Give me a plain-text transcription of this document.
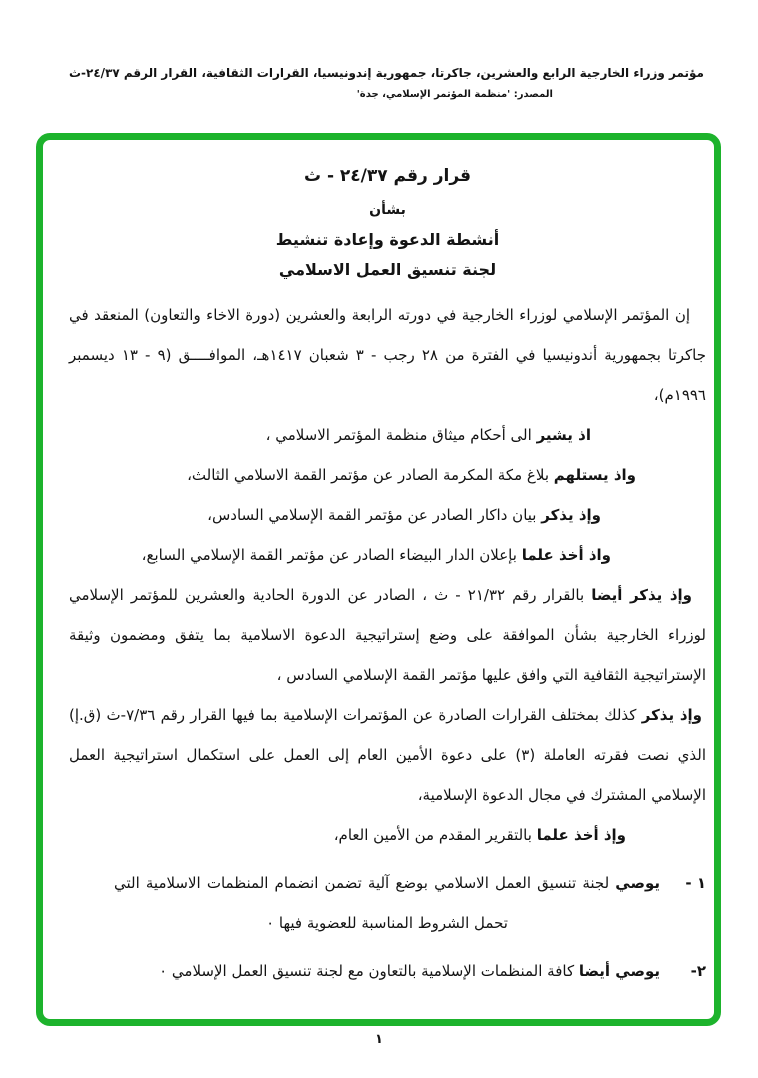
مؤتمر وزراء الخارجية الرابع والعشرين، جاكرتا، جمهورية إندونيسيا، القرارات الثقافية، القرار الرقم ٢٤/٣٧-ث
المصدر: 'منظمة المؤتمر الإسلامي، جدة'
قرار رقم ٢٤/٣٧ - ث
بشأن
أنشطة الدعوة وإعادة تنشيط
لجنة تنسيق العمل الاسلامي

إن المؤتمر الإسلامي لوزراء الخارجية في دورته الرابعة والعشرين (دورة الاخاء والتعاون) المنعقد في جاكرتا بجمهورية أندونيسيا في الفترة من ٢٨ رجب - ٣ شعبان ١٤١٧هـ، الموافــــق (٩ - ١٣ ديسمبر ١٩٩٦م)،

اذ يشير الى أحكام ميثاق منظمة المؤتمر الاسلامي ،
واذ يستلهم بلاغ مكة المكرمة الصادر عن مؤتمر القمة الاسلامي الثالث،
وإذ يذكر بيان داكار الصادر عن مؤتمر القمة الإسلامي السادس،
واذ أخذ علما بإعلان الدار البيضاء الصادر عن مؤتمر القمة الإسلامي السابع،

وإذ يذكر أيضا بالقرار رقم ٢١/٣٢ - ث ، الصادر عن الدورة الحادية والعشرين للمؤتمر الإسلامي لوزراء الخارجية بشأن الموافقة على وضع إستراتيجية الدعوة الاسلامية بما يتفق ومضمون وثيقة الإستراتيجية الثقافية التي وافق عليها مؤتمر القمة الإسلامي السادس ،

وإذ يذكر كذلك بمختلف القرارات الصادرة عن المؤتمرات الإسلامية بما فيها القرار رقم ٧/٣٦-ث (ق.إ) الذي نصت فقرته العاملة (٣) على دعوة الأمين العام إلى العمل على استكمال استراتيجية العمل الإسلامي المشترك في مجال الدعوة الإسلامية،

وإذ أخذ علما بالتقرير المقدم من الأمين العام،
١ -
يوصي لجنة تنسيق العمل الاسلامي بوضع آلية تضمن انضمام المنظمات الاسلامية التي تحمل الشروط المناسبة للعضوية فيها ٠
٢-
يوصي أيضا كافة المنظمات الإسلامية بالتعاون مع لجنة تنسيق العمل الإسلامي ٠
١
